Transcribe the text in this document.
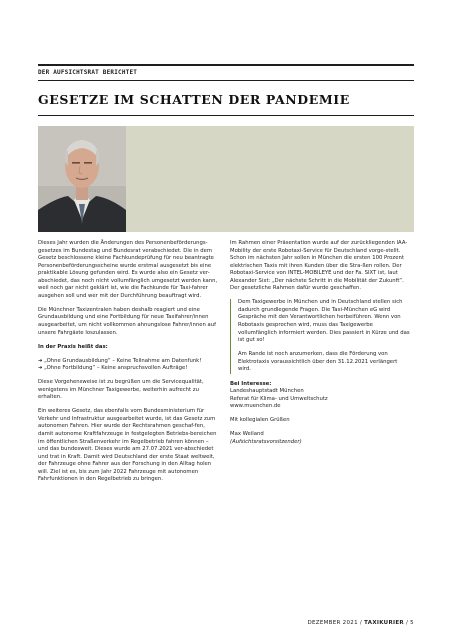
DER AUFSICHTSRAT BERICHTET
GESETZE IM SCHATTEN DER PANDEMIE

Dieses Jahr wurden die Änderungen des Personenbeförderungs-gesetzes im Bundestag und Bundesrat verabschiedet. Die in dem Gesetz beschlossene kleine Fachkundeprüfung für neu beantragte Personenbeförderungsscheine wurde erstmal ausgesetzt bis eine praktikable Lösung gefunden wird. Es wurde also ein Gesetz ver-abschiedet, das noch nicht vollumfänglich umgesetzt werden kann, weil noch gar nicht geklärt ist, wie die Fachkunde für Taxi-fahrer ausgehen soll und wer mit der Durchführung beauftragt wird.

Die Münchner Taxizentralen haben deshalb reagiert und eine Grundausbildung und eine Fortbildung für neue Taxifahrer/innen ausgearbeitet, um nicht vollkommen ahnungslose Fahrer/innen auf unsere Fahrgäste loszulassen.

In der Praxis heißt das:

➜ „Ohne Grundausbildung“ – Keine Teilnahme am Datenfunk!
➜ „Ohne Fortbildung“ – Keine anspruchsvollen Aufträge!

Diese Vorgehensweise ist zu begrüßen um die Servicequalität, wenigstens im Münchner Taxigewerbe, weiterhin aufrecht zu erhalten.

Ein weiteres Gesetz, das ebenfalls vom Bundesministerium für Verkehr und Infrastruktur ausgearbeitet wurde, ist das Gesetz zum autonomen Fahren. Hier wurde der Rechtsrahmen geschaf-fen, damit autonome Kraftfahrzeuge in festgelegten Betriebs-bereichen im öffentlichen Straßenverkehr im Regelbetrieb fahren können – und das bundesweit. Dieses wurde am 27.07.2021 ver-abschiedet und trat in Kraft. Damit wird Deutschland der erste Staat weltweit, der Fahrzeuge ohne Fahrer aus der Forschung in den Alltag holen will. Ziel ist es, bis zum Jahr 2022 Fahrzeuge mit autonomen Fahrfunktionen in den Regelbetrieb zu bringen.

Im Rahmen einer Präsentation wurde auf der zurückliegenden IAA-Mobility der erste Robotaxi-Service für Deutschland vorge-stellt. Schon im nächsten Jahr sollen in München die ersten 100 Prozent elektrischen Taxis mit ihren Kunden über die Stra-ßen rollen. Der Robotaxi-Service von INTEL-MOBILEYE und der Fa. SIXT ist, laut Alexander Sixt: „Der nächste Schritt in die Mobilität der Zukunft“. Der gesetzliche Rahmen dafür wurde geschaffen.

Dem Taxigewerbe in München und in Deutschland stellen sich dadurch grundlegende Fragen. Die Taxi-München eG wird Gespräche mit den Verantwortlichen herbeiführen. Wenn von Robotaxis gesprochen wird, muss das Taxigewerbe vollumfänglich informiert werden. Dies passiert in Kürze und das ist gut so!

Am Rande ist noch anzumerken, dass die Förderung von Elektrotaxis voraussichtlich über den 31.12.2021 verlängert wird.

Bei Interesse:

Landeshauptstadt München

Referat für Klima- und Umweltschutz

www.muenchen.de

Mit kollegialen Grüßen

Max Weiland

(Aufsichtsratsvorsitzender)

DEZEMBER 2021 / TAXIKURIER / 5
